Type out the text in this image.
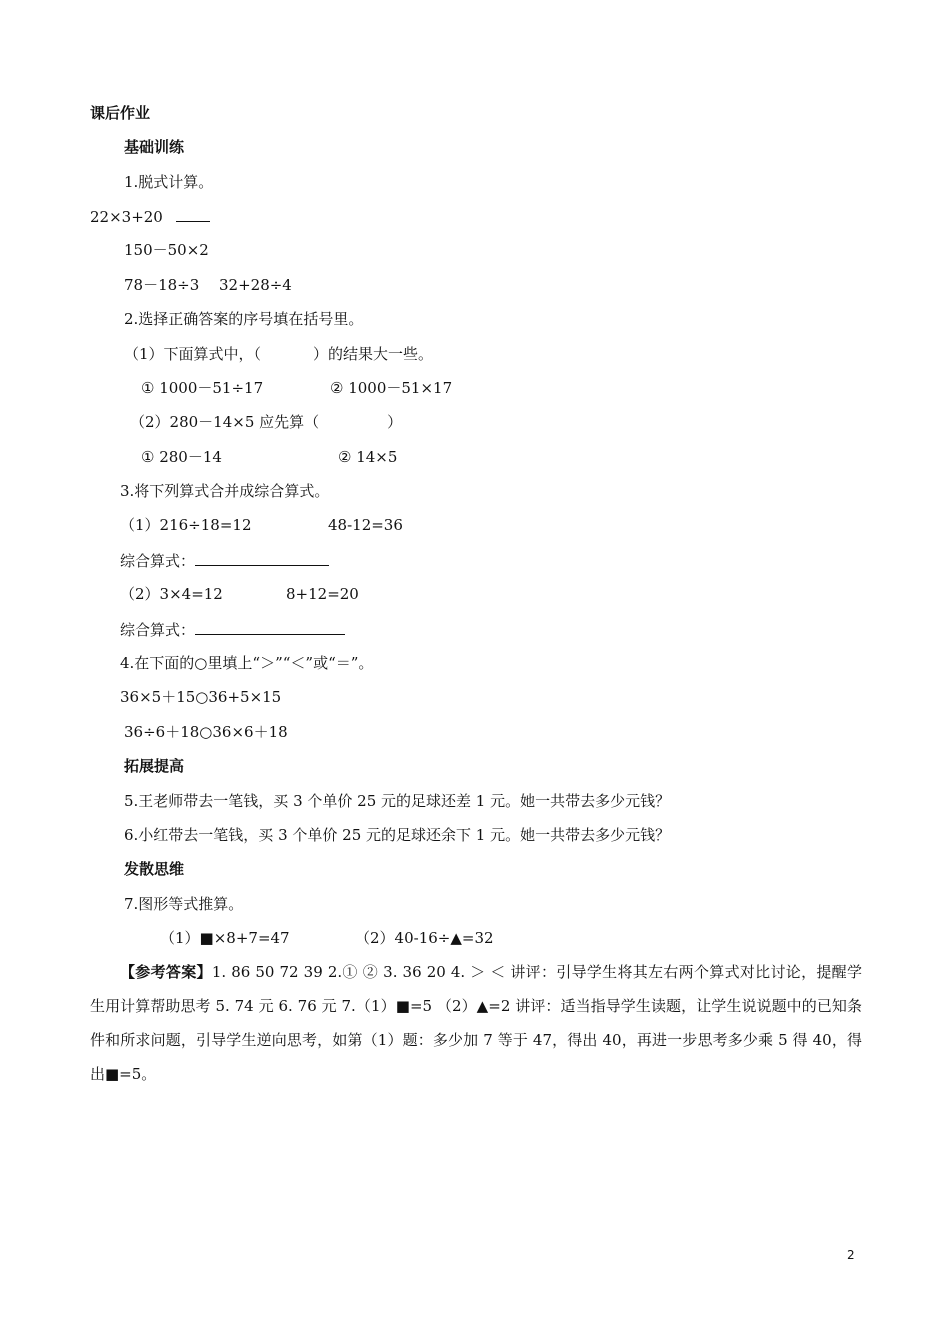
课后作业
基础训练
1.脱式计算。
22×3+20
150－50×2
78－18÷3 32+28÷4
2.选择正确答案的序号填在括号里。
（1）下面算式中，（	）的结果大一些。
① 1000－51÷17	② 1000－51×17
（2）280－14×5 应先算（	）
① 280－14	② 14×5
3.将下列算式合并成综合算式。
（1）216÷18=12	48-12=36
综合算式：
（2）3×4=12	8+12=20
综合算式：
4.在下面的○里填上“＞”“＜”或“＝”。
36×5＋15○36+5×15
36÷6＋18○36×6＋18
拓展提高
5.王老师带去一笔钱，买 3 个单价 25 元的足球还差 1 元。她一共带去多少元钱？
6.小红带去一笔钱，买 3 个单价 25 元的足球还余下 1 元。她一共带去多少元钱？
发散思维
7.图形等式推算。
（1）■×8+7=47	（2）40-16÷▲=32
【参考答案】1. 86 50 72 39 2.① ② 3. 36 20 4. ＞ ＜ 讲评：引导学生将其左右两个算式对比讨论，提醒学生用计算帮助思考 5. 74 元 6. 76 元 7.（1）■=5 （2）▲=2 讲评：适当指导学生读题，让学生说说题中的已知条件和所求问题，引导学生逆向思考，如第（1）题：多少加 7 等于 47，得出 40，再进一步思考多少乘 5 得 40，得出■=5。
2
